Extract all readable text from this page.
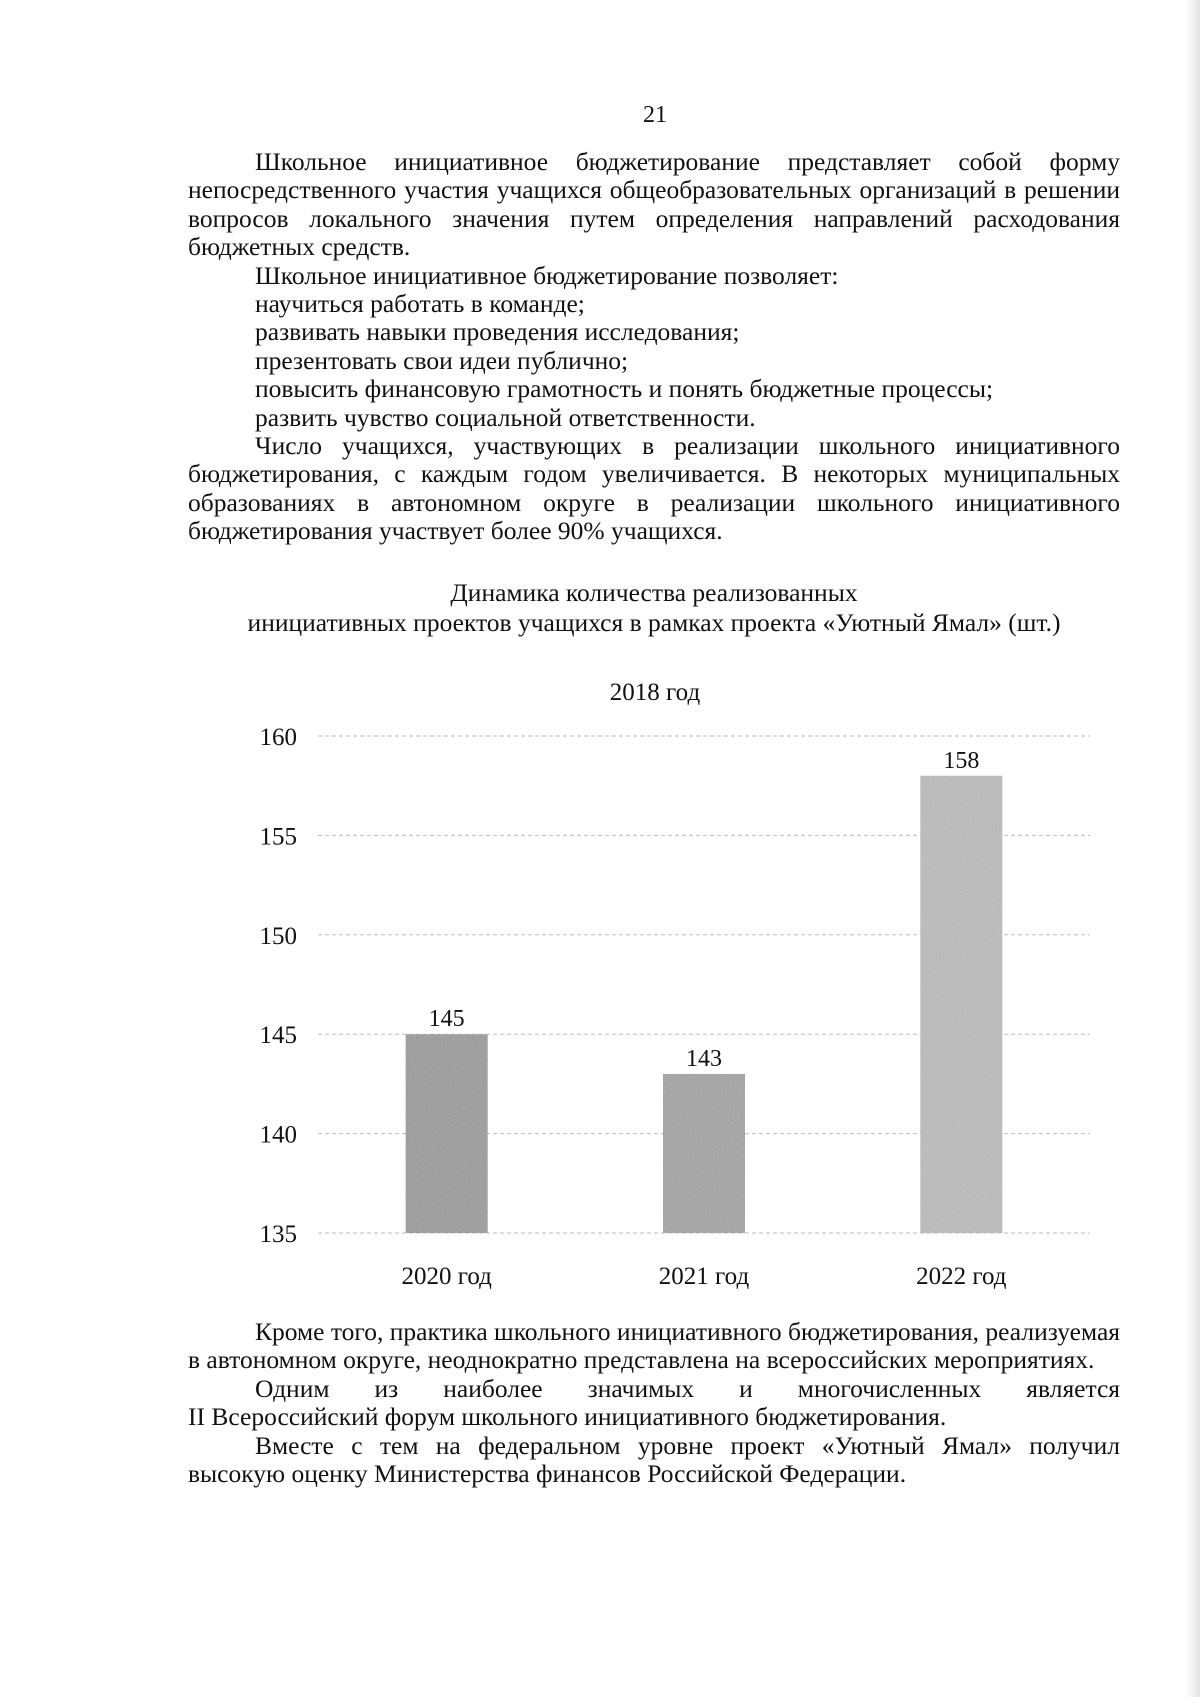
21

Школьное инициативное бюджетирование представляет собой форму непосредственного участия учащихся общеобразовательных организаций в решении вопросов локального значения путем определения направлений расходования бюджетных средств.

Школьное инициативное бюджетирование позволяет:

научиться работать в команде;

развивать навыки проведения исследования;

презентовать свои идеи публично;

повысить финансовую грамотность и понять бюджетные процессы;

развить чувство социальной ответственности.

Число учащихся, участвующих в реализации школьного инициативного бюджетирования, с каждым годом увеличивается. В некоторых муниципальных образованиях в автономном округе в реализации школьного инициативного бюджетирования участвует более 90% учащихся.

Динамика количества реализованных
инициативных проектов учащихся в рамках проекта «Уютный Ямал» (шт.)
2018 год
160
155
150
145
140
135
145
143
158
2020 год	2021 год	2022 год

Кроме того, практика школьного инициативного бюджетирования, реализуемая в автономном округе, неоднократно представлена на всероссийских мероприятиях.

Одним из наиболее значимых и многочисленных является

II Всероссийский форум школьного инициативного бюджетирования.

Вместе с тем на федеральном уровне проект «Уютный Ямал» получил высокую оценку Министерства финансов Российской Федерации.
